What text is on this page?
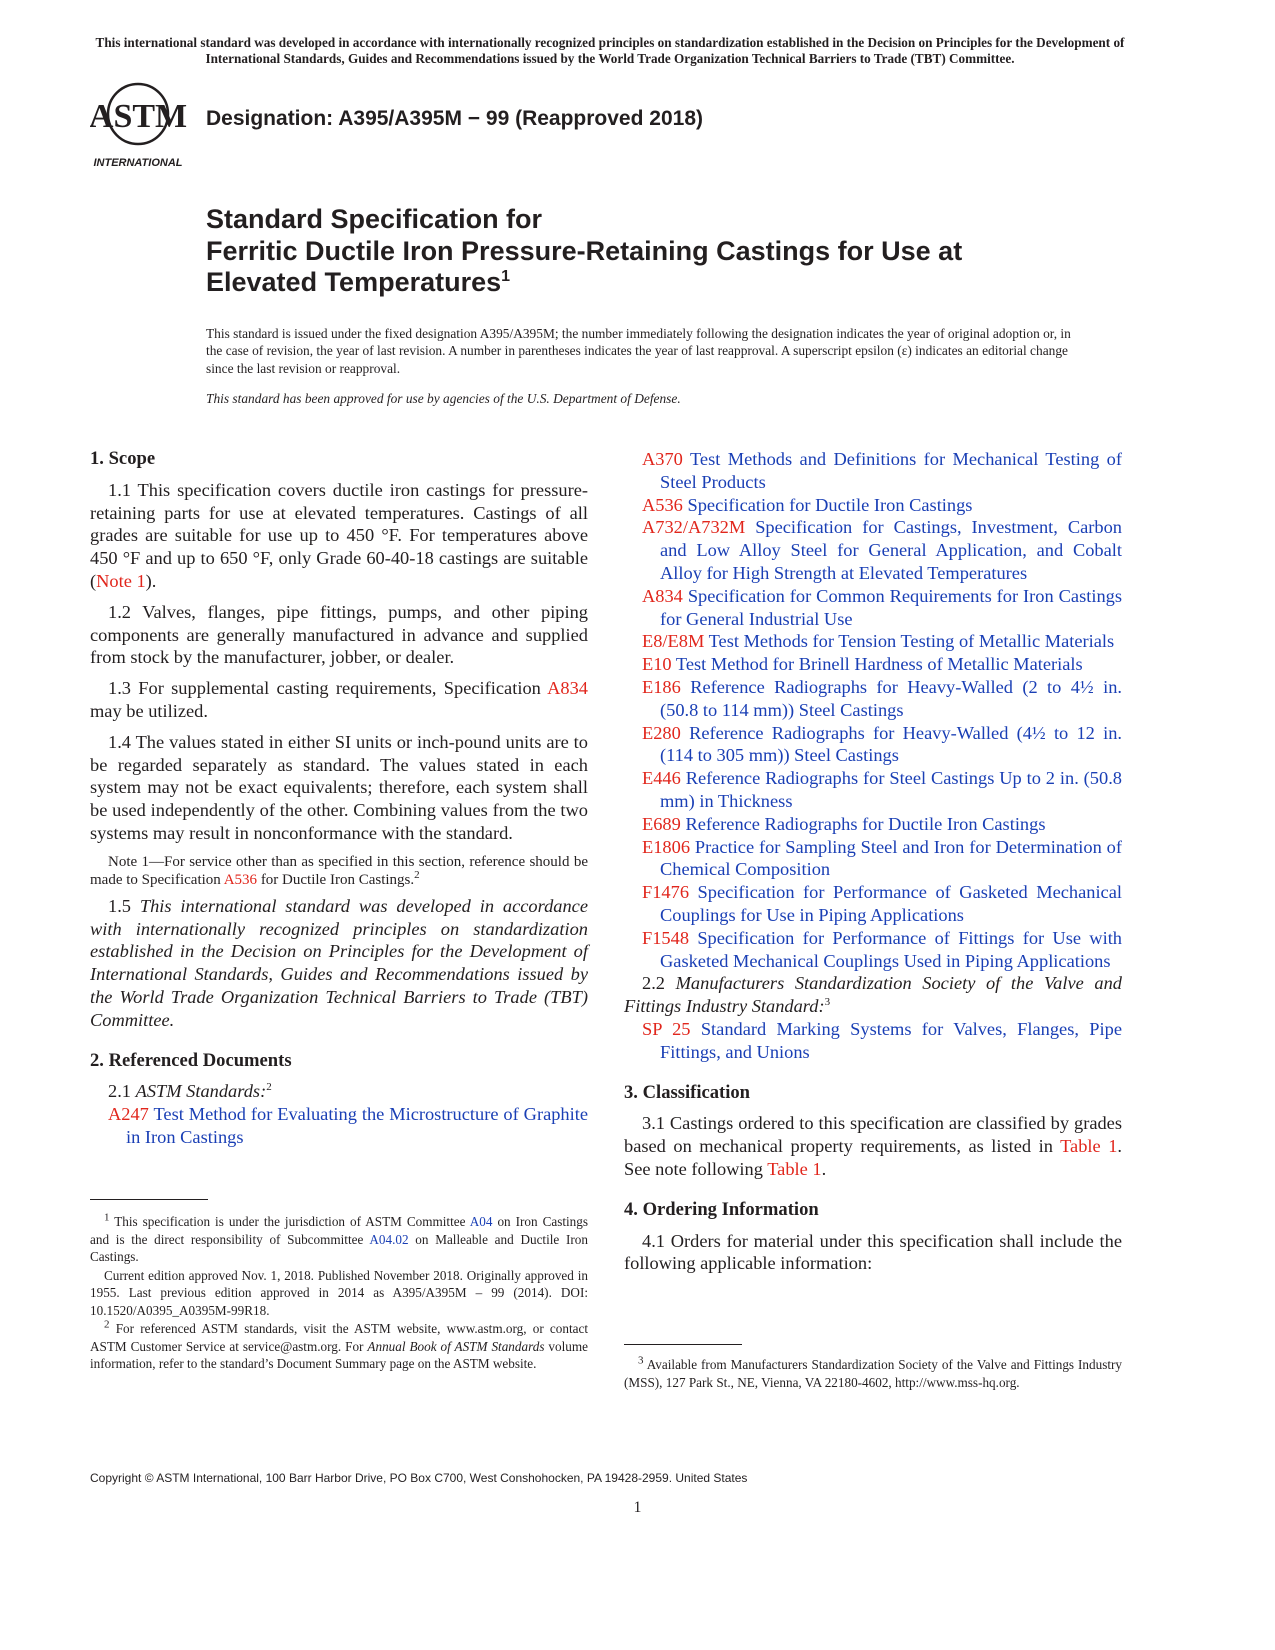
This international standard was developed in accordance with internationally recognized principles on standardization established in the Decision on Principles for the Development of International Standards, Guides and Recommendations issued by the World Trade Organization Technical Barriers to Trade (TBT) Committee.
ASTM
INTERNATIONAL
Designation: A395/A395M − 99 (Reapproved 2018)
Standard Specification for
Ferritic Ductile Iron Pressure-Retaining Castings for Use at
Elevated Temperatures$^1$
This standard is issued under the fixed designation A395/A395M; the number immediately following the designation indicates the year of original adoption or, in the case of revision, the year of last revision. A number in parentheses indicates the year of last reapproval. A superscript epsilon (ε) indicates an editorial change since the last revision or reapproval.
This standard has been approved for use by agencies of the U.S. Department of Defense.
1. Scope

1.1 This specification covers ductile iron castings for pressure-retaining parts for use at elevated temperatures. Castings of all grades are suitable for use up to 450 °F. For temperatures above 450 °F and up to 650 °F, only Grade 60-40-18 castings are suitable (Note 1).

1.2 Valves, flanges, pipe fittings, pumps, and other piping components are generally manufactured in advance and supplied from stock by the manufacturer, jobber, or dealer.

1.3 For supplemental casting requirements, Specification A834 may be utilized.

1.4 The values stated in either SI units or inch-pound units are to be regarded separately as standard. The values stated in each system may not be exact equivalents; therefore, each system shall be used independently of the other. Combining values from the two systems may result in nonconformance with the standard.

Note 1—For service other than as specified in this section, reference should be made to Specification A536 for Ductile Iron Castings.$^2$

1.5 This international standard was developed in accordance with internationally recognized principles on standardization established in the Decision on Principles for the Development of International Standards, Guides and Recommendations issued by the World Trade Organization Technical Barriers to Trade (TBT) Committee.

2. Referenced Documents

2.1 ASTM Standards:$^2$

A247 Test Method for Evaluating the Microstructure of Graphite in Iron Castings

$^1$ This specification is under the jurisdiction of ASTM Committee A04 on Iron Castings and is the direct responsibility of Subcommittee A04.02 on Malleable and Ductile Iron Castings.

Current edition approved Nov. 1, 2018. Published November 2018. Originally approved in 1955. Last previous edition approved in 2014 as A395/A395M – 99 (2014). DOI: 10.1520/A0395_A0395M-99R18.

$^2$ For referenced ASTM standards, visit the ASTM website, www.astm.org, or contact ASTM Customer Service at service@astm.org. For Annual Book of ASTM Standards volume information, refer to the standard’s Document Summary page on the ASTM website.

A370 Test Methods and Definitions for Mechanical Testing of Steel Products

A536 Specification for Ductile Iron Castings

A732/A732M Specification for Castings, Investment, Carbon and Low Alloy Steel for General Application, and Cobalt Alloy for High Strength at Elevated Temperatures

A834 Specification for Common Requirements for Iron Castings for General Industrial Use

E8/E8M Test Methods for Tension Testing of Metallic Materials

E10 Test Method for Brinell Hardness of Metallic Materials

E186 Reference Radiographs for Heavy-Walled (2 to 4½ in. (50.8 to 114 mm)) Steel Castings

E280 Reference Radiographs for Heavy-Walled (4½ to 12 in. (114 to 305 mm)) Steel Castings

E446 Reference Radiographs for Steel Castings Up to 2 in. (50.8 mm) in Thickness

E689 Reference Radiographs for Ductile Iron Castings

E1806 Practice for Sampling Steel and Iron for Determination of Chemical Composition

F1476 Specification for Performance of Gasketed Mechanical Couplings for Use in Piping Applications

F1548 Specification for Performance of Fittings for Use with Gasketed Mechanical Couplings Used in Piping Applications

2.2 Manufacturers Standardization Society of the Valve and Fittings Industry Standard:$^3$

SP 25 Standard Marking Systems for Valves, Flanges, Pipe Fittings, and Unions

3. Classification

3.1 Castings ordered to this specification are classified by grades based on mechanical property requirements, as listed in Table 1. See note following Table 1.

4. Ordering Information

4.1 Orders for material under this specification shall include the following applicable information:

$^3$ Available from Manufacturers Standardization Society of the Valve and Fittings Industry (MSS), 127 Park St., NE, Vienna, VA 22180-4602, http://www.mss-hq.org.

Copyright © ASTM International, 100 Barr Harbor Drive, PO Box C700, West Conshohocken, PA 19428-2959. United States
1
